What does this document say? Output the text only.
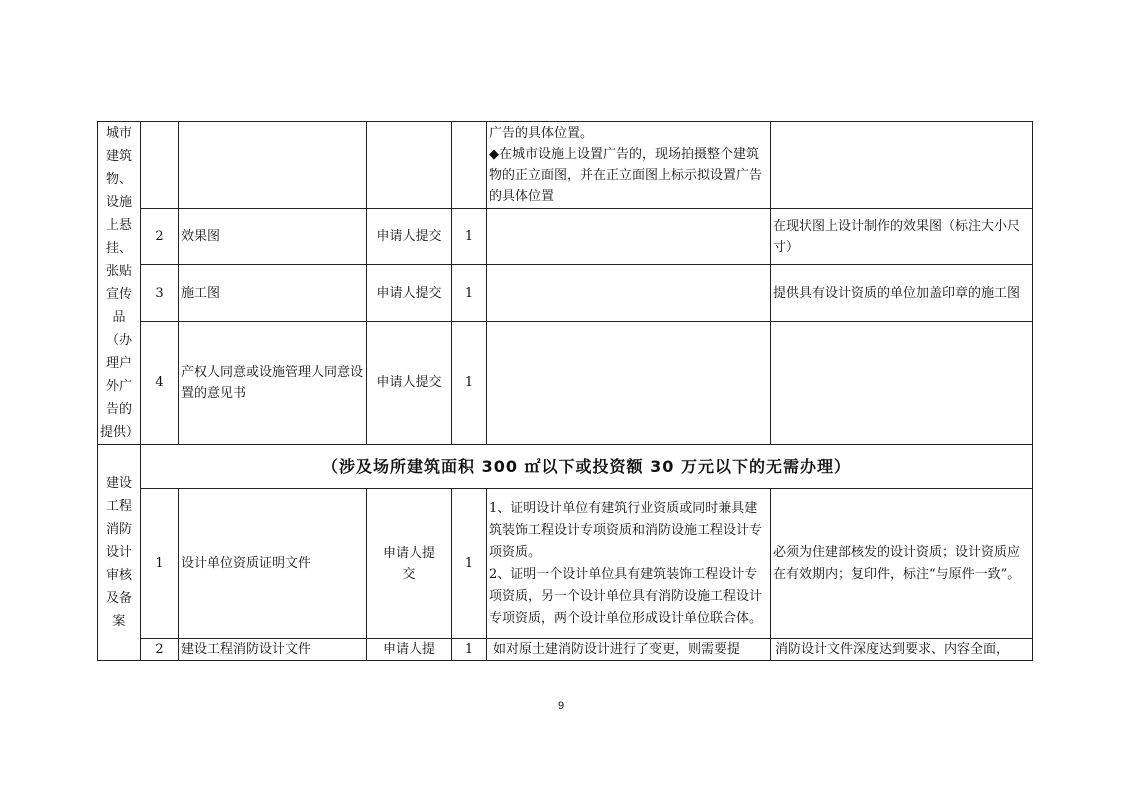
城市建筑物、设施上悬挂、张贴宣传品（办理户外广告的提供）					广告的具体位置。
◆在城市设施上设置广告的，现场拍摄整个建筑物的正立面图，并在正立面图上标示拟设置广告的具体位置	
	2	效果图	申请人提交	1		在现状图上设计制作的效果图（标注大小尺寸）
	3	施工图	申请人提交	1		提供具有设计资质的单位加盖印章的施工图
	4	产权人同意或设施管理人同意设置的意见书	申请人提交	1		
建设工程消防设计审核及备案	（涉及场所建筑面积 300 ㎡以下或投资额 30 万元以下的无需办理）					
	1	设计单位资质证明文件	申请人提交	1	1、证明设计单位有建筑行业资质或同时兼具建筑装饰工程设计专项资质和消防设施工程设计专项资质。
2、证明一个设计单位具有建筑装饰工程设计专项资质，另一个设计单位具有消防设施工程设计专项资质，两个设计单位形成设计单位联合体。	必须为住建部核发的设计资质；设计资质应在有效期内；复印件，标注“与原件一致”。
	2	建设工程消防设计文件	申请人提	1	如对原土建消防设计进行了变更，则需要提	消防设计文件深度达到要求、内容全面，
9
